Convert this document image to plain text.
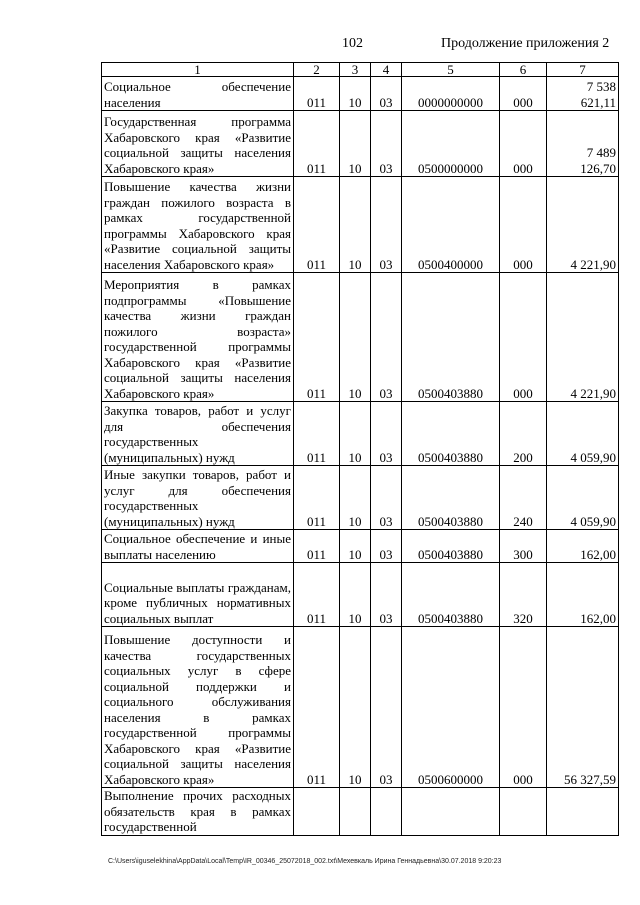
102	Продолжение приложения 2
1	2	3	4	5	6	7
Социальное обеспечение населения	011	10	03	0000000000	000	7 538 621,11
Государственная программа Хабаровского края «Развитие социальной защиты населения Хабаровского края»	011	10	03	0500000000	000	7 489 126,70
Повышение качества жизни граждан пожилого возраста в рамках государственной программы Хабаровского края «Развитие социальной защиты населения Хабаровского края»	011	10	03	0500400000	000	4 221,90
Мероприятия в рамках подпрограммы «Повышение качества жизни граждан пожилого возраста» государственной программы Хабаровского края «Развитие социальной защиты населения Хабаровского края»	011	10	03	0500403880	000	4 221,90
Закупка товаров, работ и услуг для обеспечения государственных (муниципальных) нужд	011	10	03	0500403880	200	4 059,90
Иные закупки товаров, работ и услуг для обеспечения государственных (муниципальных) нужд	011	10	03	0500403880	240	4 059,90
Социальное обеспечение и иные выплаты населению	011	10	03	0500403880	300	162,00
Социальные выплаты гражданам, кроме публичных нормативных социальных выплат	011	10	03	0500403880	320	162,00
Повышение доступности и качества государственных социальных услуг в сфере социальной поддержки и социального обслуживания населения в рамках государственной программы Хабаровского края «Развитие социальной защиты населения Хабаровского края»	011	10	03	0500600000	000	56 327,59
Выполнение прочих расходных обязательств края в рамках государственной						
C:\Users\iguselekhina\AppData\Local\Temp\IR_00346_25072018_002.txt\Мехевкаль Ирина Геннадьевна\30.07.2018 9:20:23
